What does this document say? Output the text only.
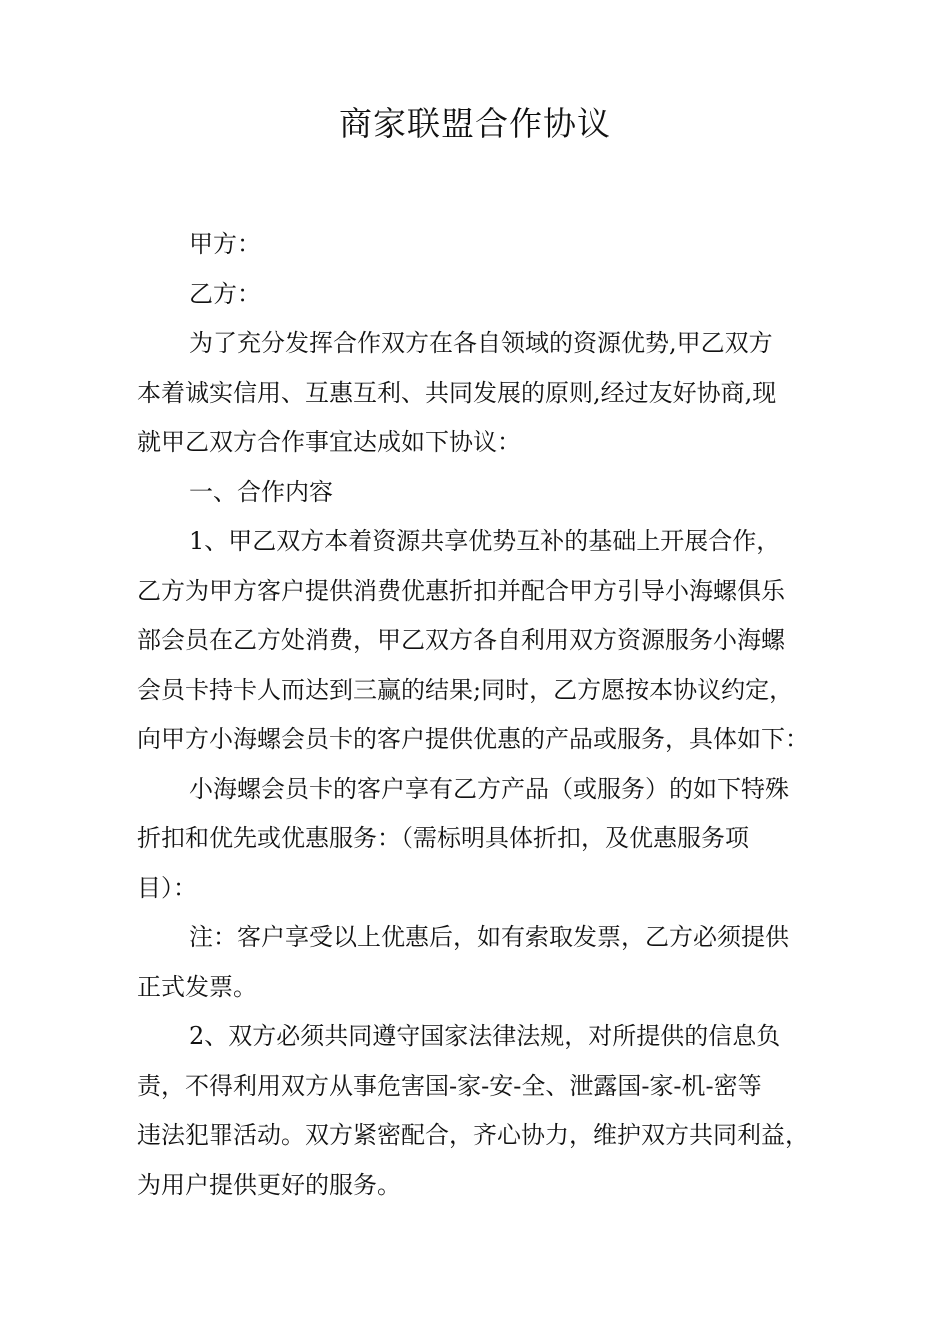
商家联盟合作协议

甲方：

乙方：

为了充分发挥合作双方在各自领域的资源优势,甲乙双方
本着诚实信用、互惠互利、共同发展的原则,经过友好协商,现
就甲乙双方合作事宜达成如下协议：

一、合作内容

1、甲乙双方本着资源共享优势互补的基础上开展合作，
乙方为甲方客户提供消费优惠折扣并配合甲方引导小海螺俱乐
部会员在乙方处消费，甲乙双方各自利用双方资源服务小海螺
会员卡持卡人而达到三赢的结果;同时，乙方愿按本协议约定，
向甲方小海螺会员卡的客户提供优惠的产品或服务，具体如下：

小海螺会员卡的客户享有乙方产品（或服务）的如下特殊
折扣和优先或优惠服务：（需标明具体折扣，及优惠服务项
目）：

注：客户享受以上优惠后，如有索取发票，乙方必须提供
正式发票。

2、双方必须共同遵守国家法律法规，对所提供的信息负
责，不得利用双方从事危害国-家-安-全、泄露国-家-机-密等
违法犯罪活动。双方紧密配合，齐心协力，维护双方共同利益，
为用户提供更好的服务。
